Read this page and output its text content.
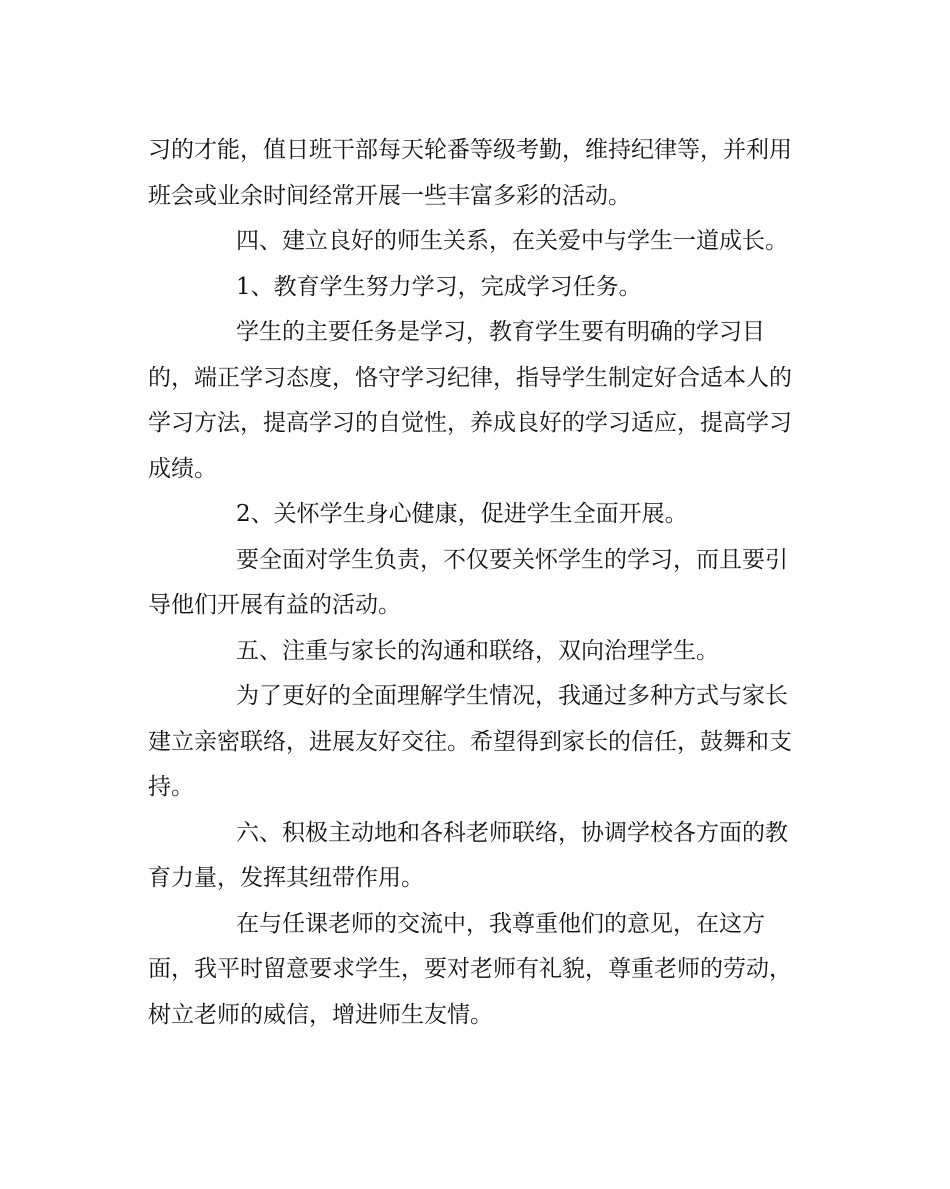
习的才能，值日班干部每天轮番等级考勤，维持纪律等，并利用班会或业余时间经常开展一些丰富多彩的活动。

四、建立良好的师生关系，在关爱中与学生一道成长。

1、教育学生努力学习，完成学习任务。

学生的主要任务是学习，教育学生要有明确的学习目的，端正学习态度，恪守学习纪律，指导学生制定好合适本人的学习方法，提高学习的自觉性，养成良好的学习适应，提高学习成绩。

2、关怀学生身心健康，促进学生全面开展。

要全面对学生负责，不仅要关怀学生的学习，而且要引导他们开展有益的活动。

五、注重与家长的沟通和联络，双向治理学生。

为了更好的全面理解学生情况，我通过多种方式与家长建立亲密联络，进展友好交往。希望得到家长的信任，鼓舞和支持。

六、积极主动地和各科老师联络，协调学校各方面的教育力量，发挥其纽带作用。

在与任课老师的交流中，我尊重他们的意见，在这方面，我平时留意要求学生，要对老师有礼貌，尊重老师的劳动，树立老师的威信，增进师生友情。
